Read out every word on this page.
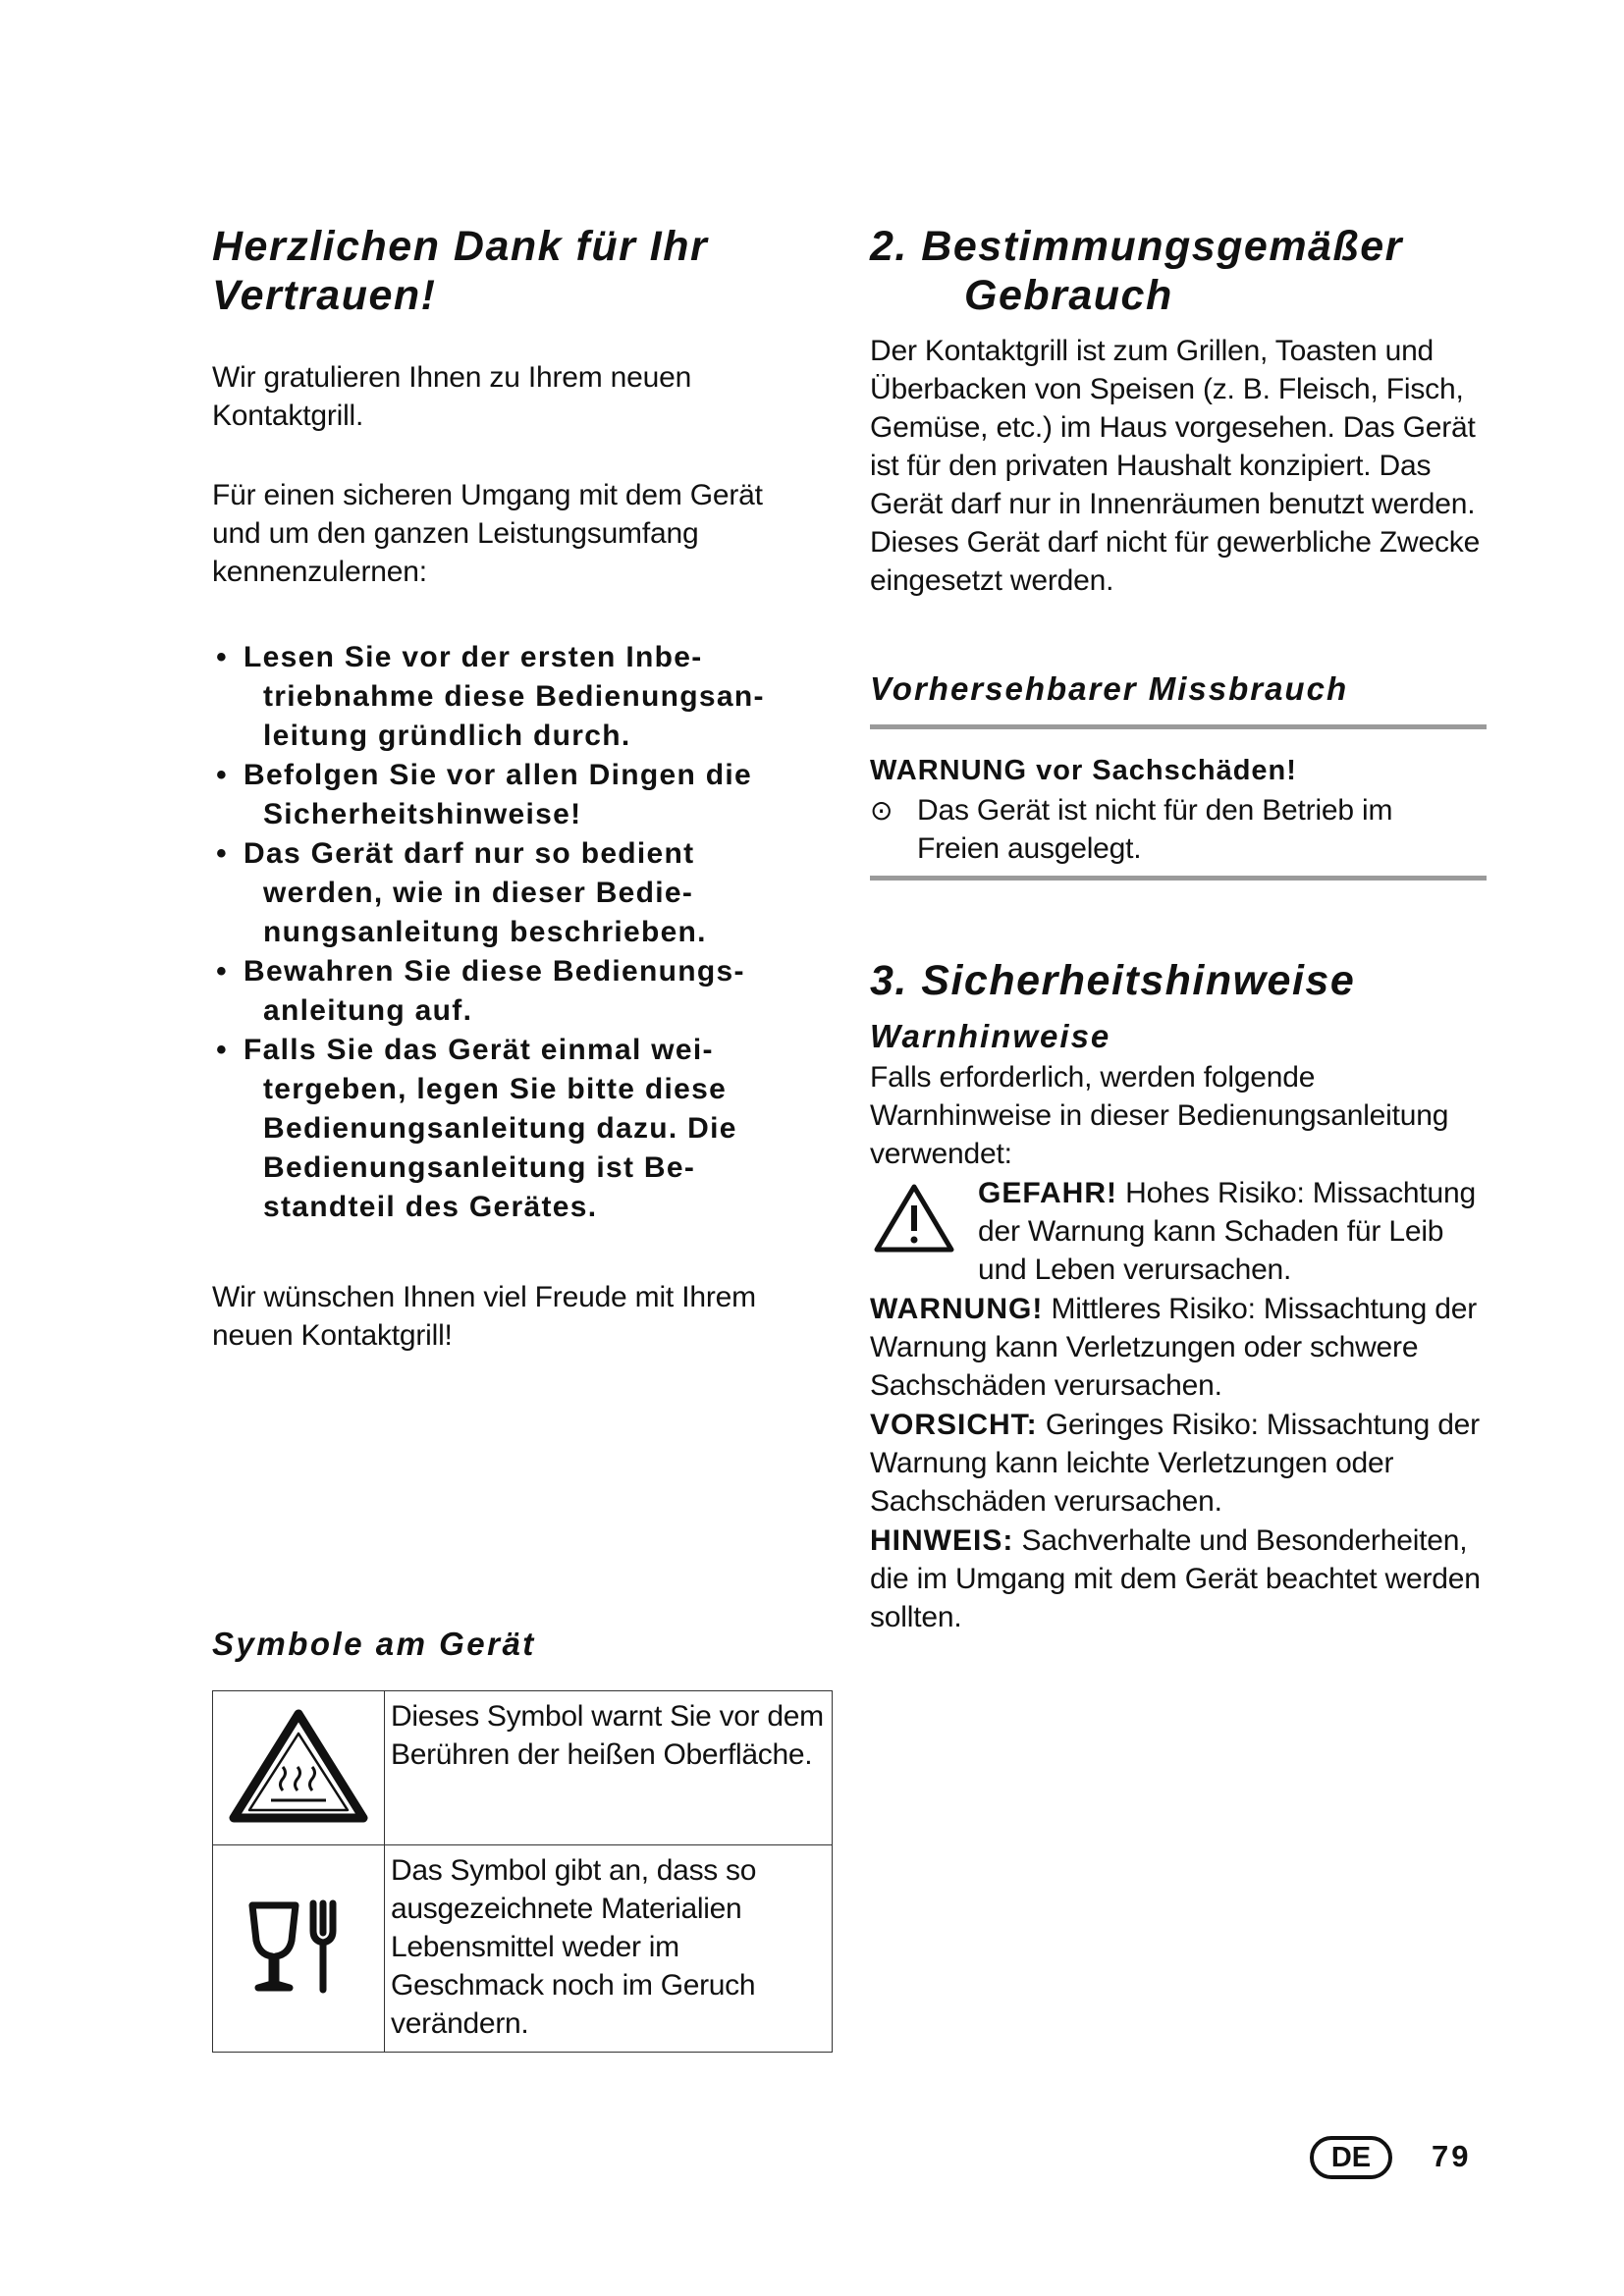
Herzlichen Dank für Ihr
Vertrauen!
Wir gratulieren Ihnen zu Ihrem neuen Kontaktgrill.
Für einen sicheren Umgang mit dem Gerät und um den ganzen Leistungsumfang kennenzulernen:
• Lesen Sie vor der ersten Inbe-
triebnahme diese Bedienungsan-
leitung gründlich durch.
• Befolgen Sie vor allen Dingen die
Sicherheitshinweise!
• Das Gerät darf nur so bedient
werden, wie in dieser Bedie-
nungsanleitung beschrieben.
• Bewahren Sie diese Bedienungs-
anleitung auf.
• Falls Sie das Gerät einmal wei-
tergeben, legen Sie bitte diese
Bedienungsanleitung dazu. Die
Bedienungsanleitung ist Be-
standteil des Gerätes.
Wir wünschen Ihnen viel Freude mit Ihrem neuen Kontaktgrill!
Symbole am Gerät
	Dieses Symbol warnt Sie vor dem Berühren der heißen Oberfläche.
	Das Symbol gibt an, dass so ausgezeichnete Materialien Lebensmittel weder im Geschmack noch im Geruch verändern.
2. Bestimmungsgemäßer
Gebrauch
Der Kontaktgrill ist zum Grillen, Toasten und Überbacken von Speisen (z. B. Fleisch, Fisch, Gemüse, etc.) im Haus vorgesehen. Das Gerät ist für den privaten Haushalt konzipiert. Das Gerät darf nur in Innenräumen benutzt werden. Dieses Gerät darf nicht für gewerbliche Zwecke eingesetzt werden.
Vorhersehbarer Missbrauch
WARNUNG vor Sachschäden!
⊙ Das Gerät ist nicht für den Betrieb im Freien ausgelegt.
3. Sicherheitshinweise
Warnhinweise
Falls erforderlich, werden folgende Warnhinweise in dieser Bedienungsanleitung verwendet:
GEFAHR! Hohes Risiko: Missachtung der Warnung kann Schaden für Leib und Leben verursachen.
WARNUNG! Mittleres Risiko: Missachtung der Warnung kann Verletzungen oder schwere Sachschäden verursachen.
VORSICHT: Geringes Risiko: Missachtung der Warnung kann leichte Verletzungen oder Sachschäden verursachen.
HINWEIS: Sachverhalte und Besonderheiten, die im Umgang mit dem Gerät beachtet werden sollten.
DE	79
